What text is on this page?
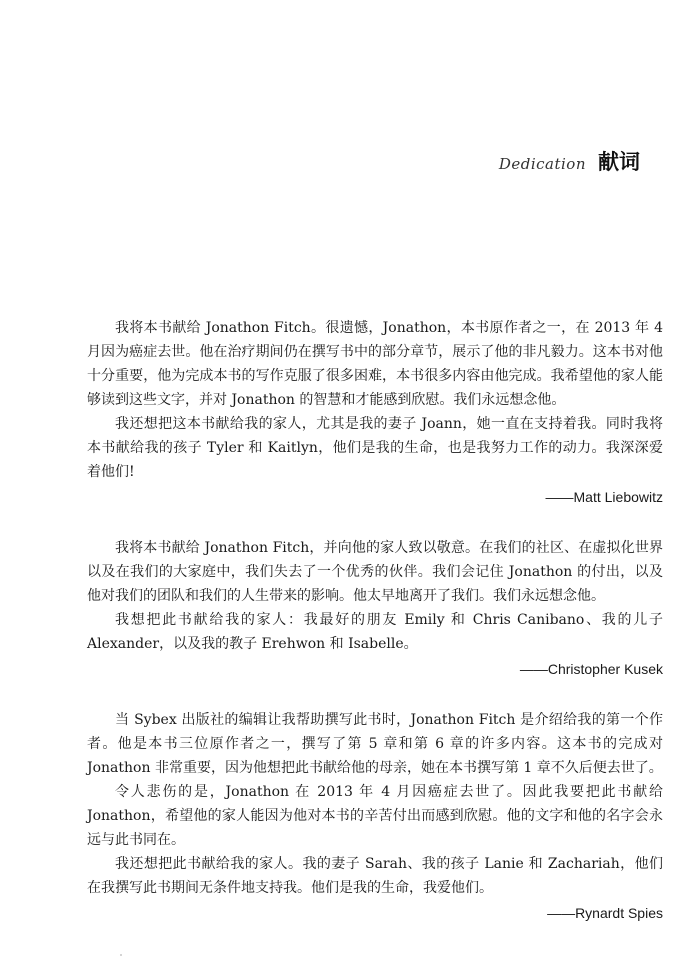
Dedication 献词

我将本书献给 Jonathon Fitch。很遗憾，Jonathon，本书原作者之一，在 2013 年 4 月因为癌症去世。他在治疗期间仍在撰写书中的部分章节，展示了他的非凡毅力。这本书对他十分重要，他为完成本书的写作克服了很多困难，本书很多内容由他完成。我希望他的家人能够读到这些文字，并对 Jonathon 的智慧和才能感到欣慰。我们永远想念他。

我还想把这本书献给我的家人，尤其是我的妻子 Joann，她一直在支持着我。同时我将本书献给我的孩子 Tyler 和 Kaitlyn，他们是我的生命，也是我努力工作的动力。我深深爱着他们!

——Matt Liebowitz

我将本书献给 Jonathon Fitch，并向他的家人致以敬意。在我们的社区、在虚拟化世界以及在我们的大家庭中，我们失去了一个优秀的伙伴。我们会记住 Jonathon 的付出，以及他对我们的团队和我们的人生带来的影响。他太早地离开了我们。我们永远想念他。

我想把此书献给我的家人：我最好的朋友 Emily 和 Chris Canibano、我的儿子 Alexander，以及我的教子 Erehwon 和 Isabelle。

——Christopher Kusek

当 Sybex 出版社的编辑让我帮助撰写此书时，Jonathon Fitch 是介绍给我的第一个作者。他是本书三位原作者之一，撰写了第 5 章和第 6 章的许多内容。这本书的完成对 Jonathon 非常重要，因为他想把此书献给他的母亲，她在本书撰写第 1 章不久后便去世了。

令人悲伤的是，Jonathon 在 2013 年 4 月因癌症去世了。因此我要把此书献给 Jonathon，希望他的家人能因为他对本书的辛苦付出而感到欣慰。他的文字和他的名字会永远与此书同在。

我还想把此书献给我的家人。我的妻子 Sarah、我的孩子 Lanie 和 Zachariah，他们在我撰写此书期间无条件地支持我。他们是我的生命，我爱他们。

——Rynardt Spies
